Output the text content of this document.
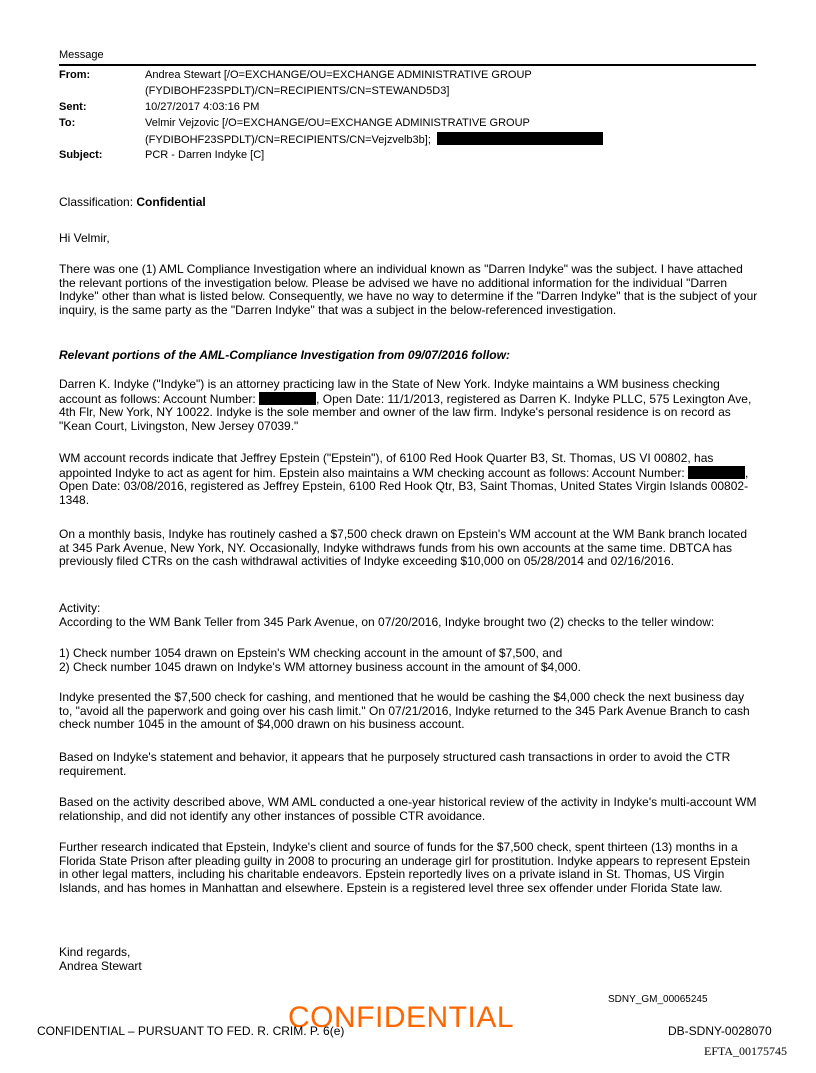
Message
From:	Andrea Stewart [/O=EXCHANGE/OU=EXCHANGE ADMINISTRATIVE GROUP
(FYDIBOHF23SPDLT)/CN=RECIPIENTS/CN=STEWAND5D3]
Sent:	10/27/2017 4:03:16 PM
To:	Velmir Vejzovic [/O=EXCHANGE/OU=EXCHANGE ADMINISTRATIVE GROUP
(FYDIBOHF23SPDLT)/CN=RECIPIENTS/CN=Vejzvelb3b];
Subject:	PCR - Darren Indyke [C]
Classification: Confidential
Hi Velmir,
There was one (1) AML Compliance Investigation where an individual known as "Darren Indyke" was the subject. I have attached the relevant portions of the investigation below. Please be advised we have no additional information for the individual "Darren Indyke" other than what is listed below. Consequently, we have no way to determine if the "Darren Indyke" that is the subject of your inquiry, is the same party as the "Darren Indyke" that was a subject in the below-referenced investigation.
Relevant portions of the AML-Compliance Investigation from 09/07/2016 follow:
Darren K. Indyke ("Indyke") is an attorney practicing law in the State of New York. Indyke maintains a WM business checking account as follows: Account Number:	, Open Date: 11/1/2013, registered as Darren K. Indyke PLLC, 575 Lexington Ave, 4th Flr, New York, NY 10022. Indyke is the sole member and owner of the law firm. Indyke's personal residence is on record as "Kean Court, Livingston, New Jersey 07039."
WM account records indicate that Jeffrey Epstein ("Epstein"), of 6100 Red Hook Quarter B3, St. Thomas, US VI 00802, has appointed Indyke to act as agent for him. Epstein also maintains a WM checking account as follows: Account Number:	, Open Date: 03/08/2016, registered as Jeffrey Epstein, 6100 Red Hook Qtr, B3, Saint Thomas, United States Virgin Islands 00802-1348.
On a monthly basis, Indyke has routinely cashed a $7,500 check drawn on Epstein's WM account at the WM Bank branch located at 345 Park Avenue, New York, NY. Occasionally, Indyke withdraws funds from his own accounts at the same time. DBTCA has previously filed CTRs on the cash withdrawal activities of Indyke exceeding $10,000 on 05/28/2014 and 02/16/2016.
Activity:
According to the WM Bank Teller from 345 Park Avenue, on 07/20/2016, Indyke brought two (2) checks to the teller window:
1) Check number 1054 drawn on Epstein's WM checking account in the amount of $7,500, and
2) Check number 1045 drawn on Indyke's WM attorney business account in the amount of $4,000.
Indyke presented the $7,500 check for cashing, and mentioned that he would be cashing the $4,000 check the next business day to, "avoid all the paperwork and going over his cash limit." On 07/21/2016, Indyke returned to the 345 Park Avenue Branch to cash check number 1045 in the amount of $4,000 drawn on his business account.
Based on Indyke's statement and behavior, it appears that he purposely structured cash transactions in order to avoid the CTR requirement.
Based on the activity described above, WM AML conducted a one-year historical review of the activity in Indyke's multi-account WM relationship, and did not identify any other instances of possible CTR avoidance.
Further research indicated that Epstein, Indyke's client and source of funds for the $7,500 check, spent thirteen (13) months in a Florida State Prison after pleading guilty in 2008 to procuring an underage girl for prostitution. Indyke appears to represent Epstein in other legal matters, including his charitable endeavors. Epstein reportedly lives on a private island in St. Thomas, US Virgin Islands, and has homes in Manhattan and elsewhere. Epstein is a registered level three sex offender under Florida State law.
Kind regards,
Andrea Stewart
SDNY_GM_00065245
CONFIDENTIAL
CONFIDENTIAL – PURSUANT TO FED. R. CRIM. P. 6(e)	DB-SDNY-0028070
EFTA_00175745
